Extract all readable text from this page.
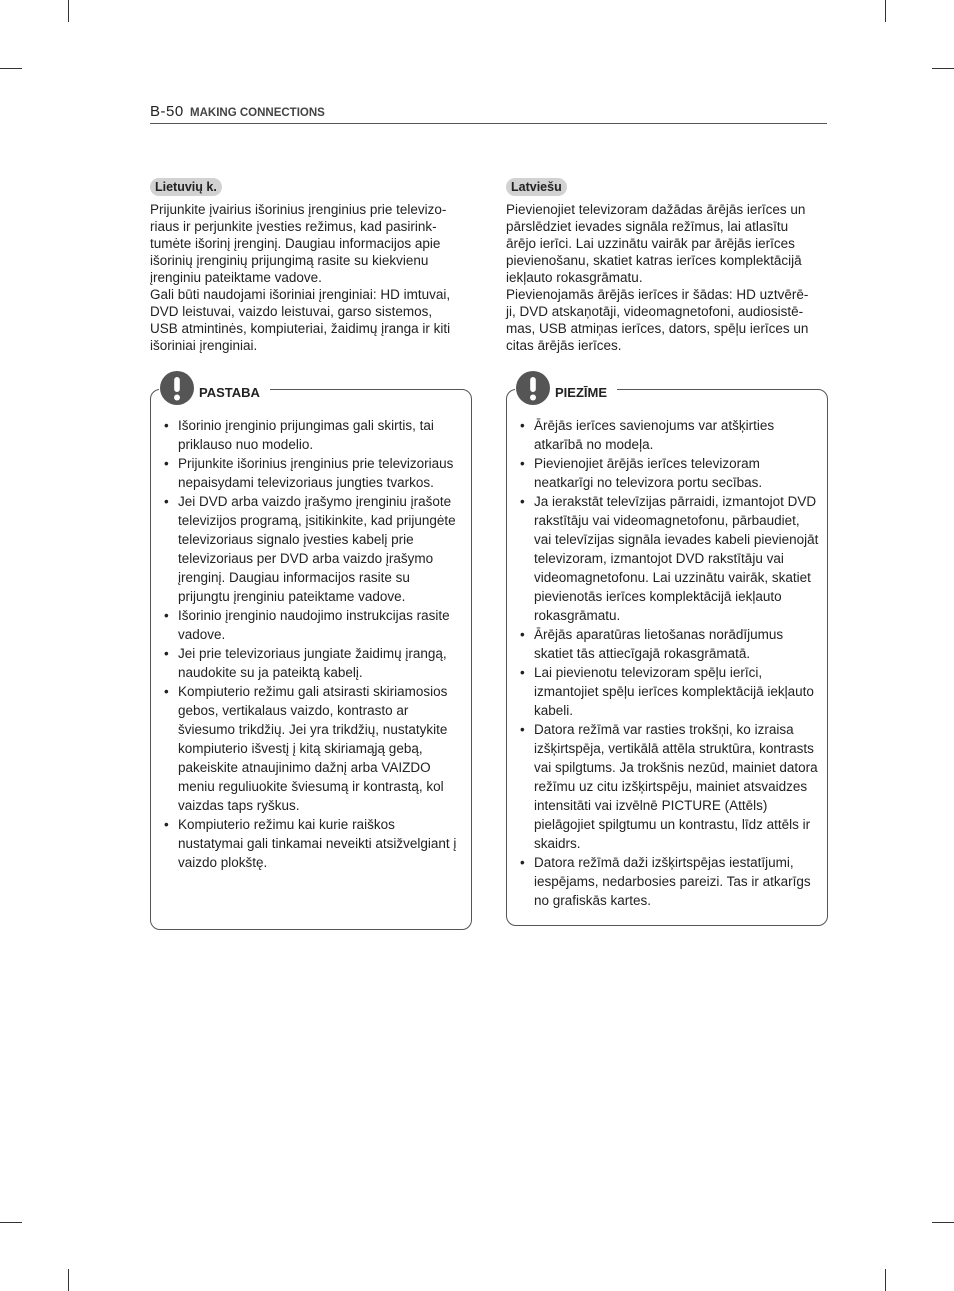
B-50 MAKING CONNECTIONS
Lietuvių k.
Prijunkite įvairius išorinius įrenginius prie televizo-
riaus ir perjunkite įvesties režimus, kad pasirink-
tumėte išorinį įrenginį. Daugiau informacijos apie
išorinių įrenginių prijungimą rasite su kiekvienu
įrenginiu pateiktame vadove.
Gali būti naudojami išoriniai įrenginiai: HD imtuvai,
DVD leistuvai, vaizdo leistuvai, garso sistemos,
USB atmintinės, kompiuteriai, žaidimų įranga ir kiti
išoriniai įrenginiai.
Latviešu
Pievienojiet televizoram dažādas ārējās ierīces un
pārslēdziet ievades signāla režīmus, lai atlasītu
ārējo ierīci. Lai uzzinātu vairāk par ārējās ierīces
pievienošanu, skatiet katras ierīces komplektācijā
iekļauto rokasgrāmatu.
Pievienojamās ārējās ierīces ir šādas: HD uztvērē-
ji, DVD atskaņotāji, videomagnetofoni, audiosistē-
mas, USB atmiņas ierīces, dators, spēļu ierīces un
citas ārējās ierīces.
PASTABA
• Išorinio įrenginio prijungimas gali skirtis, tai priklauso nuo modelio.
• Prijunkite išorinius įrenginius prie televizoriaus nepaisydami televizoriaus jungties tvarkos.
• Jei DVD arba vaizdo įrašymo įrenginiu įrašote televizijos programą, įsitikinkite, kad prijungėte televizoriaus signalo įvesties kabelį prie televizoriaus per DVD arba vaizdo įrašymo įrenginį. Daugiau informacijos rasite su prijungtu įrenginiu pateiktame vadove.
• Išorinio įrenginio naudojimo instrukcijas rasite vadove.
• Jei prie televizoriaus jungiate žaidimų įrangą, naudokite su ja pateiktą kabelį.
• Kompiuterio režimu gali atsirasti skiriamosios gebos, vertikalaus vaizdo, kontrasto ar šviesumo trikdžių. Jei yra trikdžių, nustatykite kompiuterio išvestį į kitą skiriamąją gebą, pakeiskite atnaujinimo dažnį arba VAIZDO meniu reguliuokite šviesumą ir kontrastą, kol vaizdas taps ryškus.
• Kompiuterio režimu kai kurie raiškos nustatymai gali tinkamai neveikti atsižvelgiant į vaizdo plokštę.
PIEZĪME
• Ārējās ierīces savienojums var atšķirties atkarībā no modeļa.
• Pievienojiet ārējās ierīces televizoram neatkarīgi no televizora portu secības.
• Ja ierakstāt televīzijas pārraidi, izmantojot DVD rakstītāju vai videomagnetofonu, pārbaudiet, vai televīzijas signāla ievades kabeli pievienojāt televizoram, izmantojot DVD rakstītāju vai videomagnetofonu. Lai uzzinātu vairāk, skatiet pievienotās ierīces komplektācijā iekļauto rokasgrāmatu.
• Ārējās aparatūras lietošanas norādījumus skatiet tās attiecīgajā rokasgrāmatā.
• Lai pievienotu televizoram spēļu ierīci, izmantojiet spēļu ierīces komplektācijā iekļauto kabeli.
• Datora režīmā var rasties trokšņi, ko izraisa izšķirtspēja, vertikālā attēla struktūra, kontrasts vai spilgtums. Ja trokšnis nezūd, mainiet datora režīmu uz citu izšķirtspēju, mainiet atsvaidzes intensitāti vai izvēlnē PICTURE (Attēls) pielāgojiet spilgtumu un kontrastu, līdz attēls ir skaidrs.
• Datora režīmā daži izšķirtspējas iestatījumi, iespējams, nedarbosies pareizi. Tas ir atkarīgs no grafiskās kartes.
